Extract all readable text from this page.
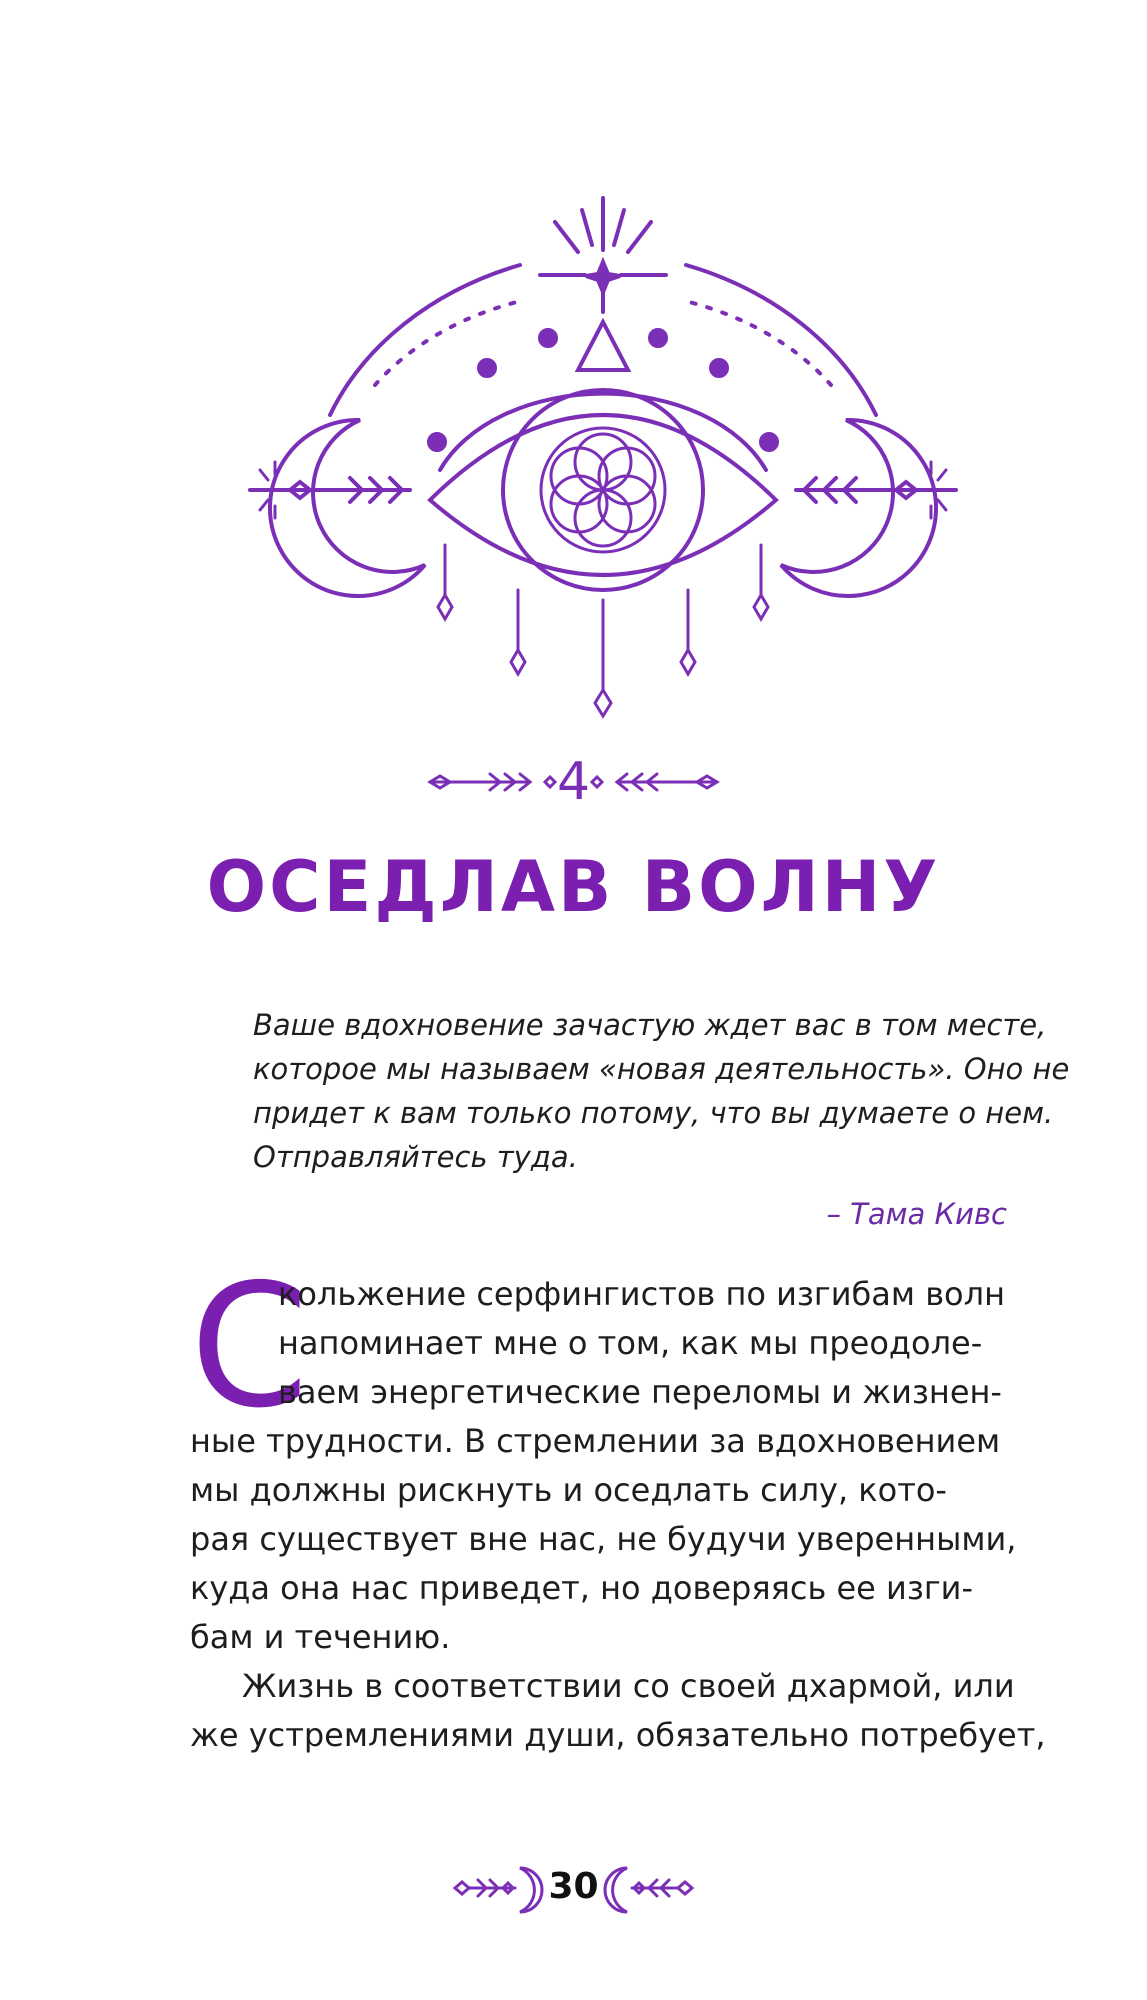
4
ОСЕДЛАВ ВОЛНУ
Ваше вдохновение зачастую ждет вас в том месте,
которое мы называем «новая деятельность». Оно не
придет к вам только потому, что вы думаете о нем.
Отправляйтесь туда.
– Тама Кивс
С

кольжение серфингистов по изгибам волн
напоминает мне о том, как мы преодоле-
ваем энергетические переломы и жизнен-
ные трудности. В стремлении за вдохновением
мы должны рискнуть и оседлать силу, кото-
рая существует вне нас, не будучи уверенными,
куда она нас приведет, но доверяясь ее изги-
бам и течению.

Жизнь в соответствии со своей дхармой, или
же устремлениями души, обязательно потребует,

30
